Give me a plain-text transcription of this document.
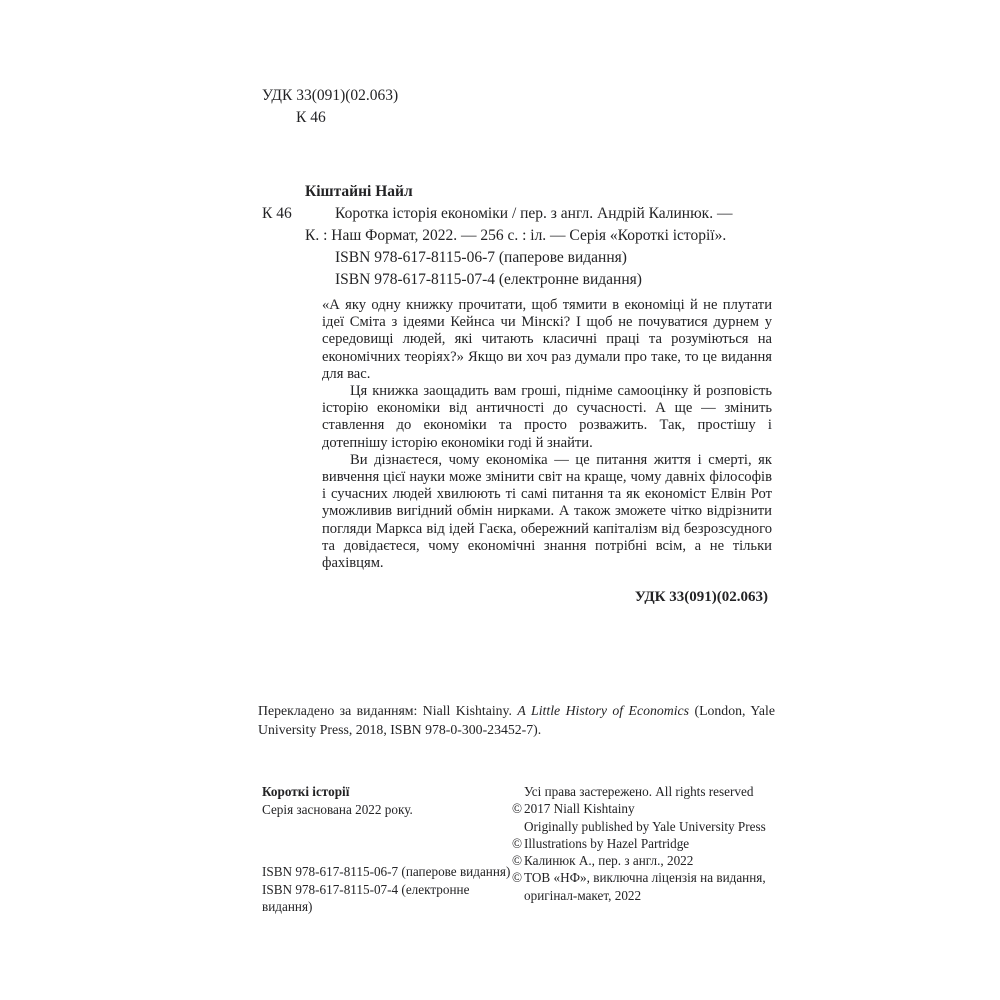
УДК 33(091)(02.063)
К 46
Кіштайні Найл
К 46	Коротка історія економіки / пер. з англ. Андрій Калинюк. —
К. : Наш Формат, 2022. — 256 с. : іл. — Серія «Короткі історії».
ISBN 978-617-8115-06-7 (паперове видання)
ISBN 978-617-8115-07-4 (електронне видання)

«А яку одну книжку прочитати, щоб тямити в економіці й не плутати ідеї Сміта з ідеями Кейнса чи Мінскі? І щоб не почуватися дурнем у середовищі людей, які читають класичні праці та розуміються на економічних теоріях?» Якщо ви хоч раз думали про таке, то це видання для вас.

Ця книжка заощадить вам гроші, підніме самооцінку й розповість історію економіки від античності до сучасності. А ще — змінить ставлення до економіки та просто розважить. Так, простішу і дотепнішу історію економіки годі й знайти.

Ви дізнаєтеся, чому економіка — це питання життя і смерті, як вивчення цієї науки може змінити світ на краще, чому давніх філософів і сучасних людей хвилюють ті самі питання та як економіст Елвін Рот уможливив вигідний обмін нирками. А також зможете чітко відрізнити погляди Маркса від ідей Гаєка, обережний капіталізм від безрозсудного та довідаєтеся, чому економічні знання потрібні всім, а не тільки фахівцям.

УДК 33(091)(02.063)

Перекладено за виданням: Niall Kishtainy. A Little History of Economics (London, Yale University Press, 2018, ISBN 978-0-300-23452-7).

Короткі історії
Серія заснована 2022 року.
ISBN 978-617-8115-06-7 (паперове видання)
ISBN 978-617-8115-07-4 (електронне видання)
Усі права застережено. All rights reserved
© 2017 Niall Kishtainy
Originally published by Yale University Press
© Illustrations by Hazel Partridge
© Калинюк А., пер. з англ., 2022
© ТОВ «НФ», виключна ліцензія на видання, оригінал-макет, 2022
